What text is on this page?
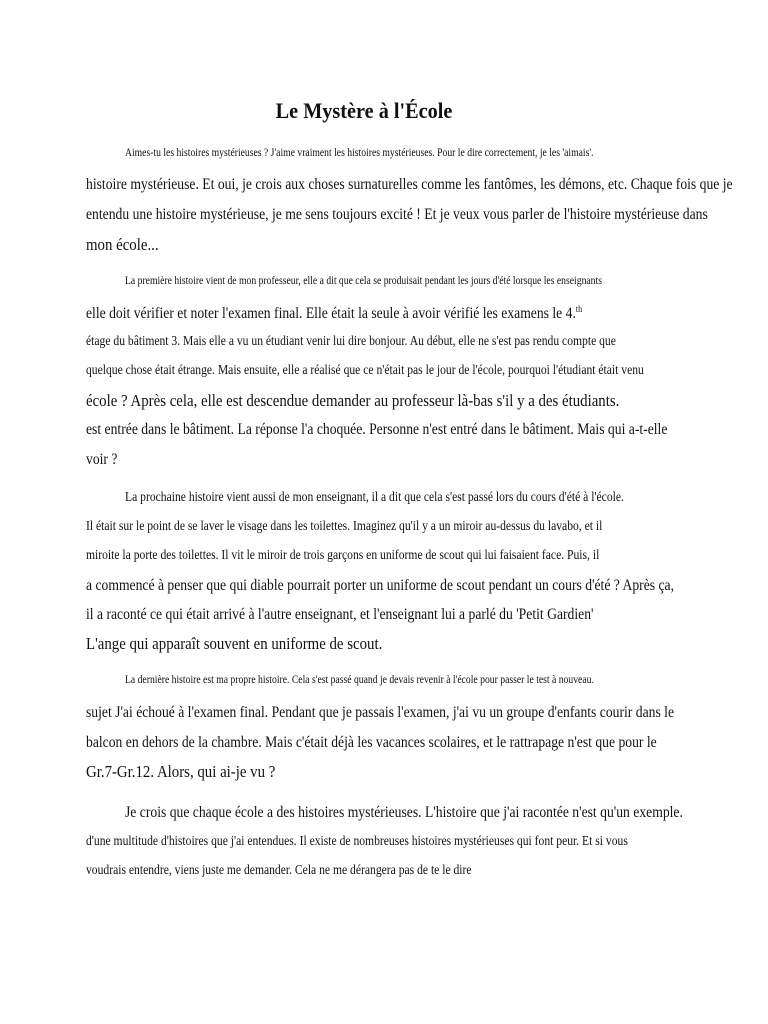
Le Mystère à l'École

Aimes-tu les histoires mystérieuses ? J'aime vraiment les histoires mystérieuses. Pour le dire correctement, je les 'aimais'.

histoire mystérieuse. Et oui, je crois aux choses surnaturelles comme les fantômes, les démons, etc. Chaque fois que je

entendu une histoire mystérieuse, je me sens toujours excité ! Et je veux vous parler de l'histoire mystérieuse dans

mon école...

La première histoire vient de mon professeur, elle a dit que cela se produisait pendant les jours d'été lorsque les enseignants

elle doit vérifier et noter l'examen final. Elle était la seule à avoir vérifié les examens le 4.$^{th}$

étage du bâtiment 3. Mais elle a vu un étudiant venir lui dire bonjour. Au début, elle ne s'est pas rendu compte que

quelque chose était étrange. Mais ensuite, elle a réalisé que ce n'était pas le jour de l'école, pourquoi l'étudiant était venu

école ? Après cela, elle est descendue demander au professeur là-bas s'il y a des étudiants.

est entrée dans le bâtiment. La réponse l'a choquée. Personne n'est entré dans le bâtiment. Mais qui a-t-elle

voir ?

La prochaine histoire vient aussi de mon enseignant, il a dit que cela s'est passé lors du cours d'été à l'école.

Il était sur le point de se laver le visage dans les toilettes. Imaginez qu'il y a un miroir au-dessus du lavabo, et il

miroite la porte des toilettes. Il vit le miroir de trois garçons en uniforme de scout qui lui faisaient face. Puis, il

a commencé à penser que qui diable pourrait porter un uniforme de scout pendant un cours d'été ? Après ça,

il a raconté ce qui était arrivé à l'autre enseignant, et l'enseignant lui a parlé du 'Petit Gardien'

L'ange qui apparaît souvent en uniforme de scout.

La dernière histoire est ma propre histoire. Cela s'est passé quand je devais revenir à l'école pour passer le test à nouveau.

sujet J'ai échoué à l'examen final. Pendant que je passais l'examen, j'ai vu un groupe d'enfants courir dans le

balcon en dehors de la chambre. Mais c'était déjà les vacances scolaires, et le rattrapage n'est que pour le

Gr.7-Gr.12. Alors, qui ai-je vu ?

Je crois que chaque école a des histoires mystérieuses. L'histoire que j'ai racontée n'est qu'un exemple.

d'une multitude d'histoires que j'ai entendues. Il existe de nombreuses histoires mystérieuses qui font peur. Et si vous

voudrais entendre, viens juste me demander. Cela ne me dérangera pas de te le dire
